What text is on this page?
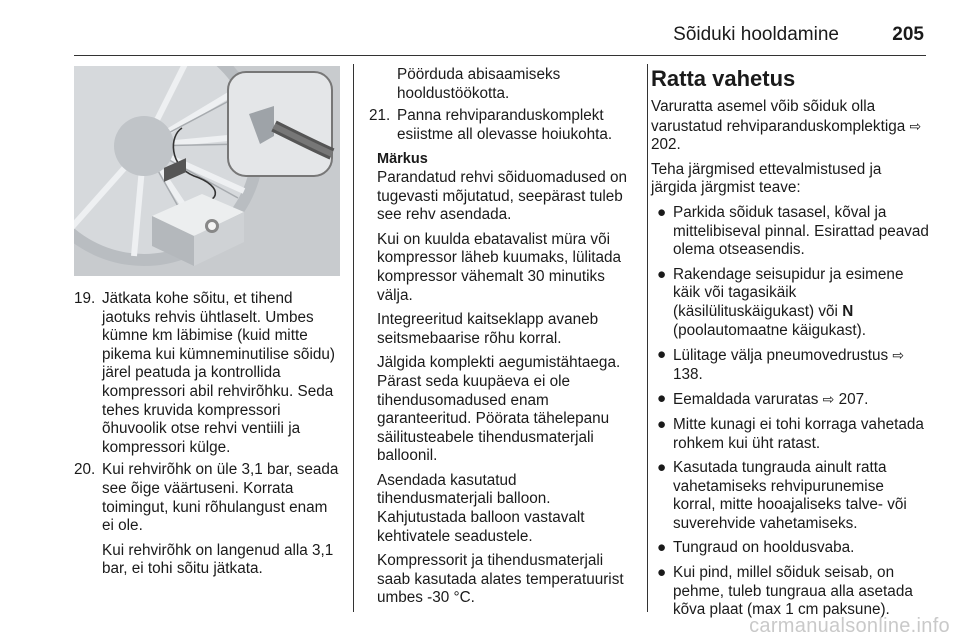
Sõiduki hooldamine	205
19. Jätkata kohe sõitu, et tihend jaotuks rehvis ühtlaselt. Umbes kümne km läbimise (kuid mitte pikema kui kümneminutilise sõidu) järel peatuda ja kontrollida kompressori abil rehvirõhku. Seda tehes kruvida kompressori õhuvoolik otse rehvi ventiili ja kompressori külge.
20. Kui rehvirõhk on üle 3,1 bar, seada see õige väärtuseni. Korrata toimingut, kuni rõhulangust enam ei ole.
Kui rehvirõhk on langenud alla 3,1 bar, ei tohi sõitu jätkata.
Pöörduda abisaamiseks hooldustöökotta.
21. Panna rehviparanduskomplekt esiistme all olevasse hoiukohta.
Märkus

Parandatud rehvi sõiduomadused on tugevasti mõjutatud, seepärast tuleb see rehv asendada.

Kui on kuulda ebatavalist müra või kompressor läheb kuumaks, lülitada kompressor vähemalt 30 minutiks välja.

Integreeritud kaitseklapp avaneb seitsmebaarise rõhu korral.

Jälgida komplekti aegumistähtaega. Pärast seda kuupäeva ei ole tihendusomadused enam garanteeritud. Pöörata tähelepanu säilitusteabele tihendusmaterjali balloonil.

Asendada kasutatud tihendusmaterjali balloon. Kahjutustada balloon vastavalt kehtivatele seadustele.

Kompressorit ja tihendusmaterjali saab kasutada alates temperatuurist umbes -30 °C.

Ratta vahetus

Varuratta asemel võib sõiduk olla varustatud rehviparanduskomplektiga ⇨ 202.

Teha järgmised ettevalmistused ja järgida järgmist teave:

● Parkida sõiduk tasasel, kõval ja mittelibiseval pinnal. Esirattad peavad olema otseasendis.
● Rakendage seisupidur ja esimene käik või tagasikäik (käsilülituskäigukast) või N (poolautomaatne käigukast).
● Lülitage välja pneumovedrustus ⇨ 138.
● Eemaldada varuratas ⇨ 207.
● Mitte kunagi ei tohi korraga vahetada rohkem kui üht ratast.
● Kasutada tungrauda ainult ratta vahetamiseks rehvipurunemise korral, mitte hooajaliseks talve- või suverehvide vahetamiseks.
● Tungraud on hooldusvaba.
● Kui pind, millel sõiduk seisab, on pehme, tuleb tungraua alla asetada kõva plaat (max 1 cm paksune).
carmanualsonline.info
